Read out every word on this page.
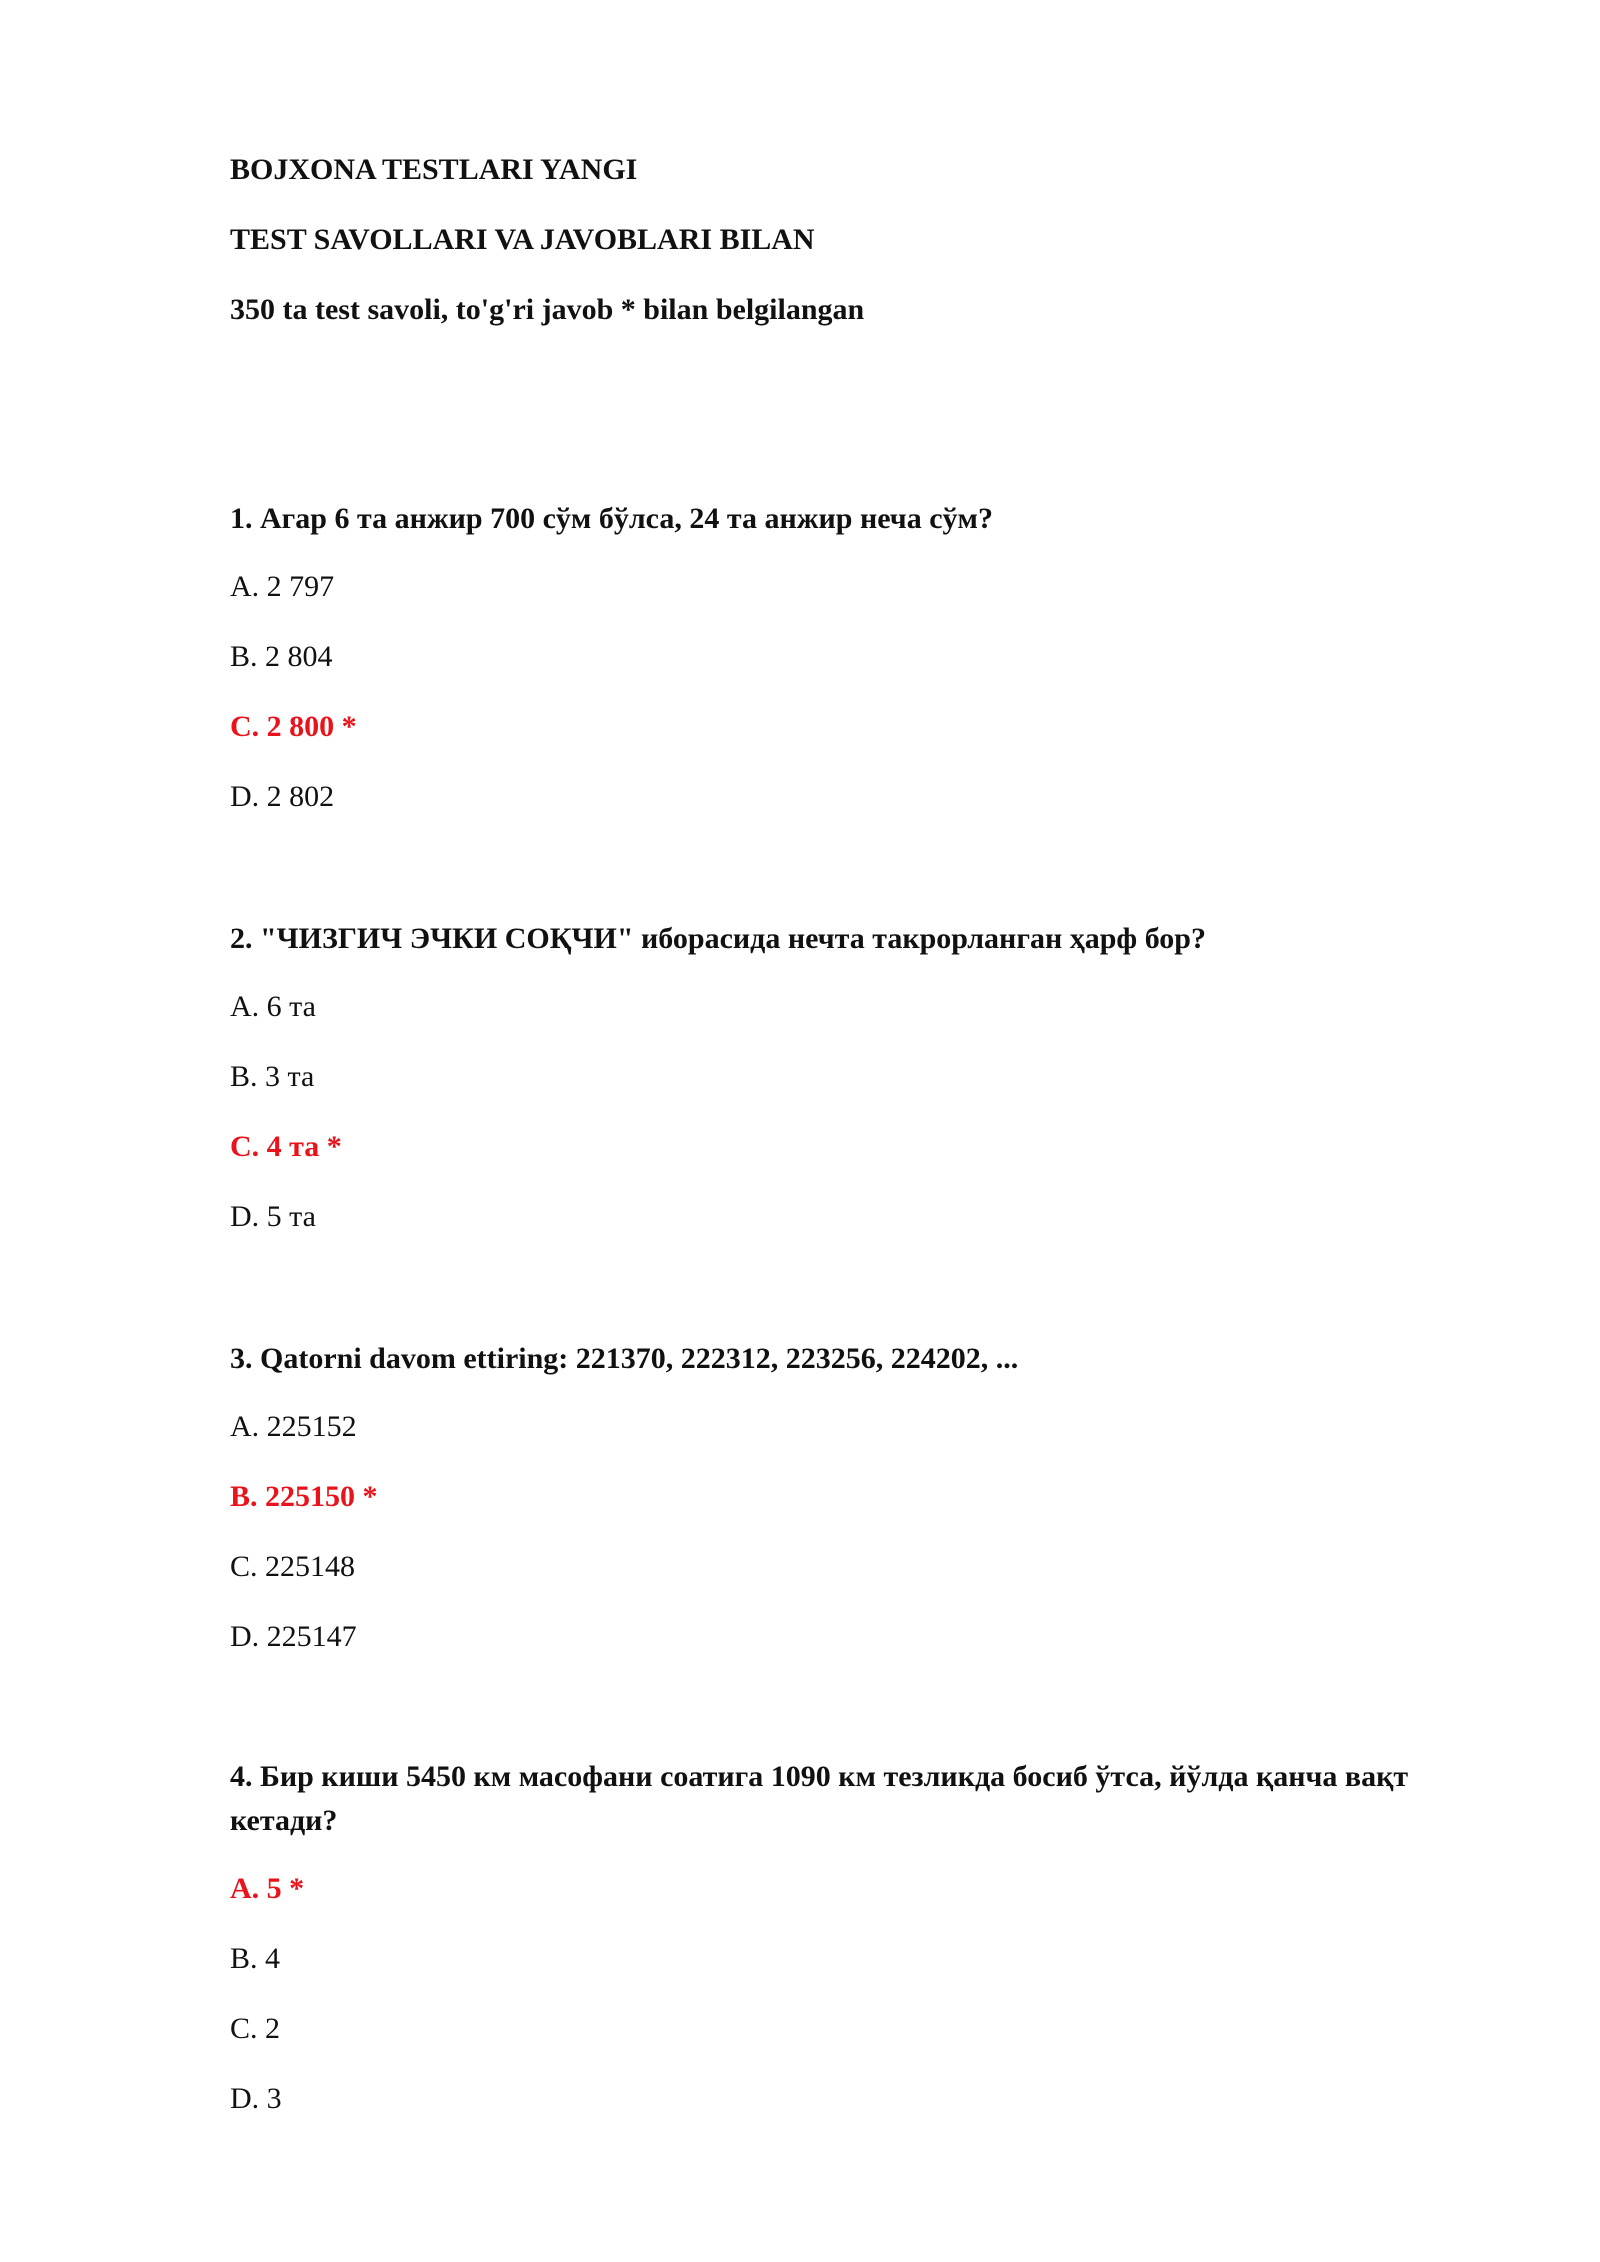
BOJXONA TESTLARI YANGI
TEST SAVOLLARI VA JAVOBLARI BILAN
350 ta test savoli, to'g'ri javob * bilan belgilangan

1. Агар 6 та анжир 700 сўм бўлса, 24 та анжир неча сўм?

A. 2 797

B. 2 804

C. 2 800 *

D. 2 802

2. "ЧИЗГИЧ ЭЧКИ СОҚЧИ" иборасида нечта такрорланган ҳарф бор?

A. 6 та

B. 3 та

C. 4 та *

D. 5 та

3. Qatorni davom ettiring: 221370, 222312, 223256, 224202, ...

A. 225152

B. 225150 *

C. 225148

D. 225147

4. Бир киши 5450 км масофани соатига 1090 км тезликда босиб ўтса, йўлда қанча вақт кетади?

A. 5 *

B. 4

C. 2

D. 3
